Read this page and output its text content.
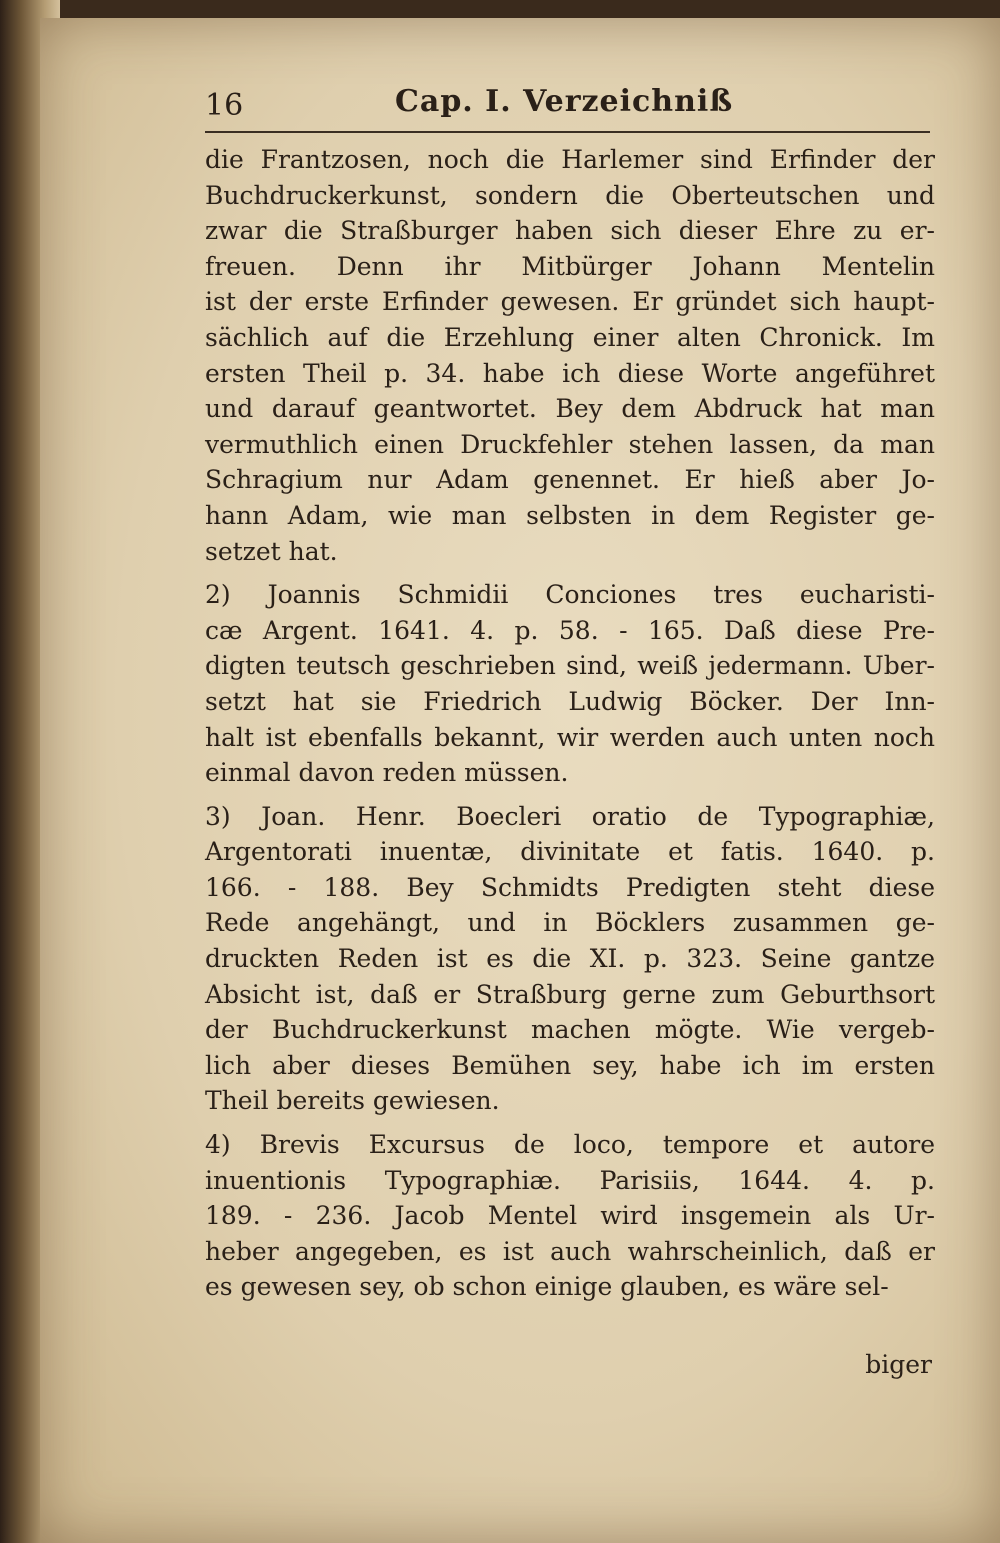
16	Cap. I. Verzeichniß
die Frantzosen, noch die Harlemer sind Erfinder der
Buchdruckerkunst, sondern die Oberteutschen und
zwar die Straßburger haben sich dieser Ehre zu er-
freuen. Denn ihr Mitbürger Johann Mentelin
ist der erste Erfinder gewesen. Er gründet sich haupt-
sächlich auf die Erzehlung einer alten Chronick. Im
ersten Theil p. 34. habe ich diese Worte angeführet
und darauf geantwortet. Bey dem Abdruck hat man
vermuthlich einen Druckfehler stehen lassen, da man
Schragium nur Adam genennet. Er hieß aber Jo-
hann Adam, wie man selbsten in dem Register ge-
setzet hat.
2) Joannis Schmidii Conciones tres eucharisti-
cæ Argent. 1641. 4. p. 58. - 165. Daß diese Pre-
digten teutsch geschrieben sind, weiß jedermann. Uber-
setzt hat sie Friedrich Ludwig Böcker. Der Inn-
halt ist ebenfalls bekannt, wir werden auch unten noch
einmal davon reden müssen.
3) Joan. Henr. Boecleri oratio de Typographiæ,
Argentorati inuentæ, divinitate et fatis. 1640. p.
166. - 188. Bey Schmidts Predigten steht diese
Rede angehängt, und in Böcklers zusammen ge-
druckten Reden ist es die XI. p. 323. Seine gantze
Absicht ist, daß er Straßburg gerne zum Geburthsort
der Buchdruckerkunst machen mögte. Wie vergeb-
lich aber dieses Bemühen sey, habe ich im ersten
Theil bereits gewiesen.
4) Brevis Excursus de loco, tempore et autore
inuentionis Typographiæ. Parisiis, 1644. 4. p.
189. - 236. Jacob Mentel wird insgemein als Ur-
heber angegeben, es ist auch wahrscheinlich, daß er
es gewesen sey, ob schon einige glauben, es wäre sel-
biger
